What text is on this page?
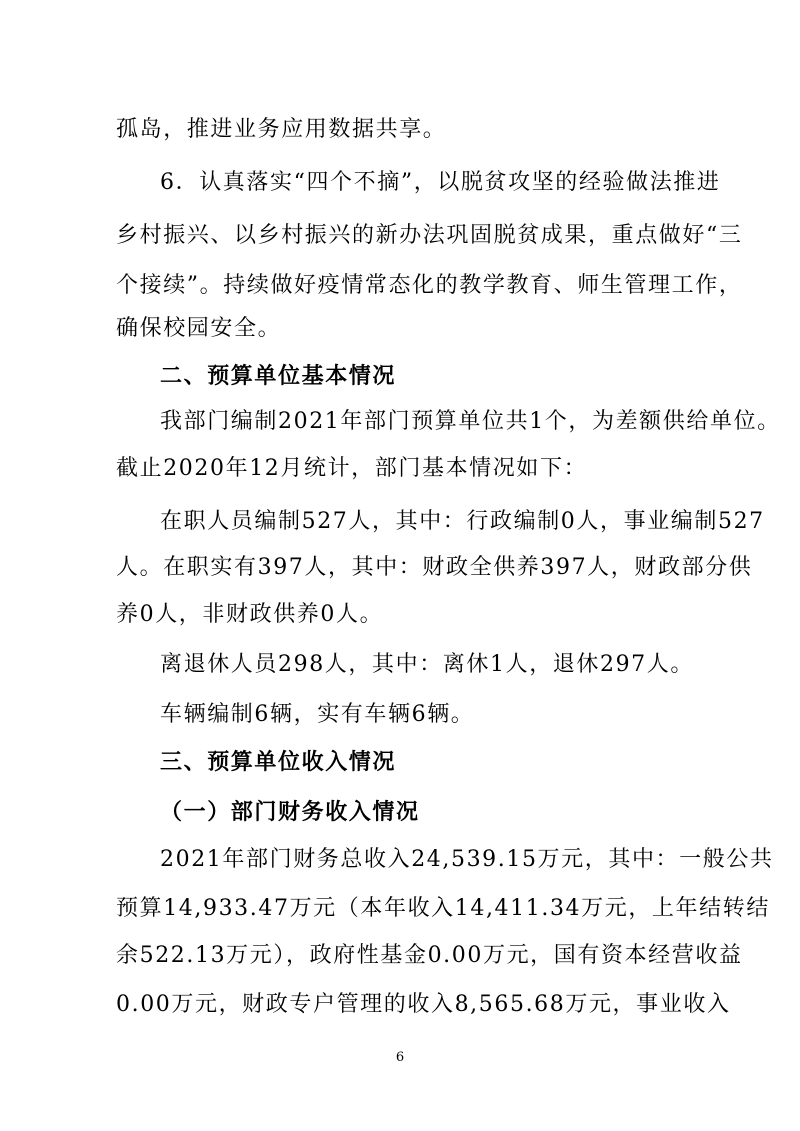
孤岛，推进业务应用数据共享。
6．认真落实“四个不摘”，以脱贫攻坚的经验做法推进
乡村振兴、以乡村振兴的新办法巩固脱贫成果，重点做好“三
个接续”。持续做好疫情常态化的教学教育、师生管理工作，
确保校园安全。
二、预算单位基本情况
我部门编制2021年部门预算单位共1个，为差额供给单位。
截止2020年12月统计，部门基本情况如下：
在职人员编制527人，其中：行政编制0人，事业编制527
人。在职实有397人，其中：财政全供养397人，财政部分供
养0人，非财政供养0人。
离退休人员298人，其中：离休1人，退休297人。
车辆编制6辆，实有车辆6辆。
三、预算单位收入情况
（一）部门财务收入情况
2021年部门财务总收入24,539.15万元，其中：一般公共
预算14,933.47万元（本年收入14,411.34万元，上年结转结
余522.13万元），政府性基金0.00万元，国有资本经营收益
0.00万元，财政专户管理的收入8,565.68万元，事业收入
6
